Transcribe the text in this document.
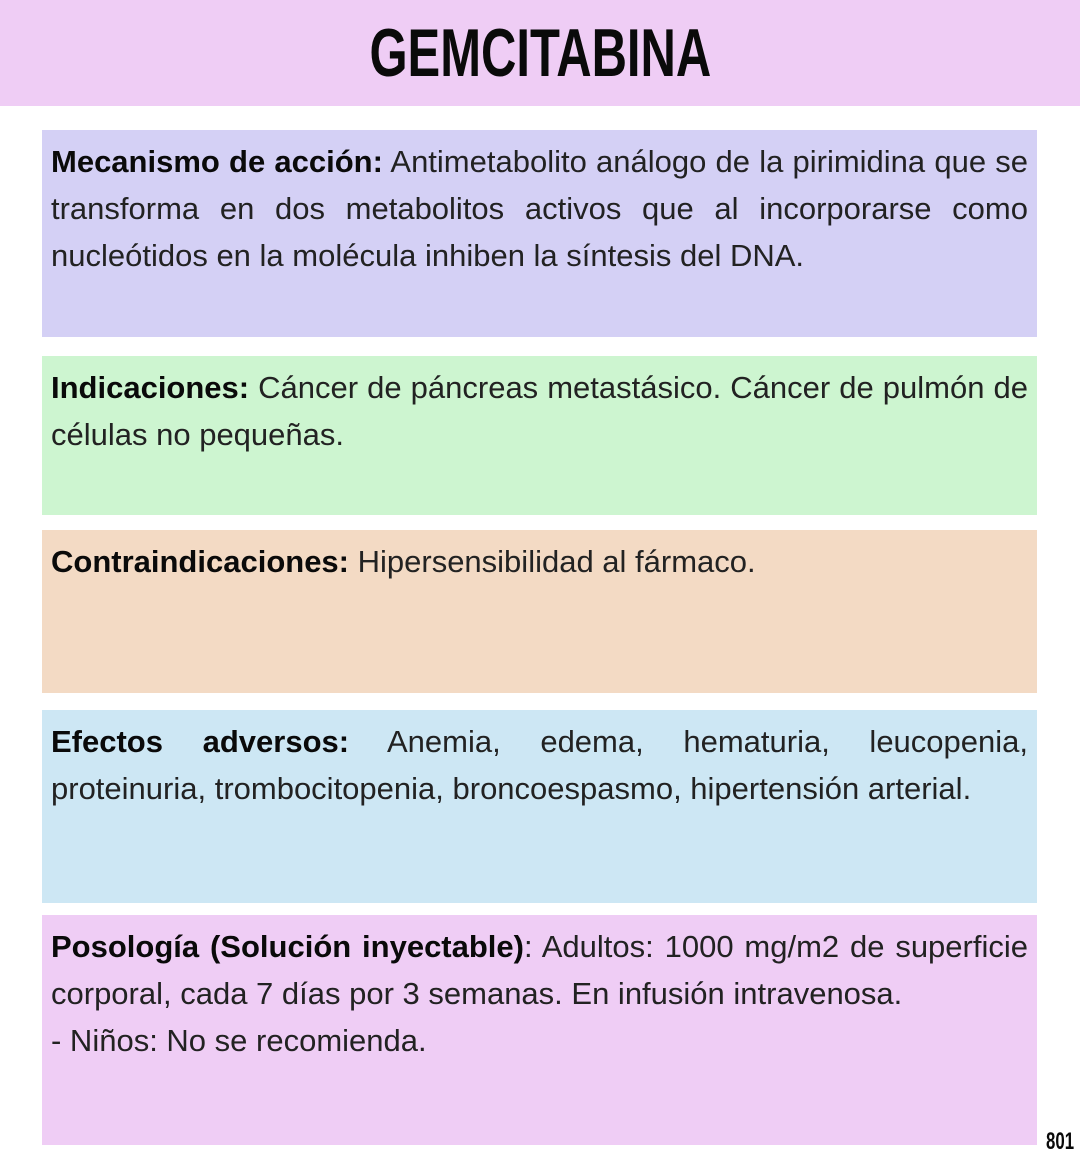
GEMCITABINA
Mecanismo de acción: Antimetabolito análogo de la pirimidina que se transforma en dos metabolitos activos que al incorporarse como nucleótidos en la molécula inhiben la síntesis del DNA.
Indicaciones: Cáncer de páncreas metastásico. Cáncer de pulmón de células no pequeñas.
Contraindicaciones: Hipersensibilidad al fármaco.
Efectos adversos: Anemia, edema, hematuria, leucopenia, proteinuria, trombocitopenia, broncoespasmo, hipertensión arterial.
Posología (Solución inyectable): Adultos: 1000 mg/m2 de superficie corporal, cada 7 días por 3 semanas. En infusión intravenosa.
- Niños: No se recomienda.
801
